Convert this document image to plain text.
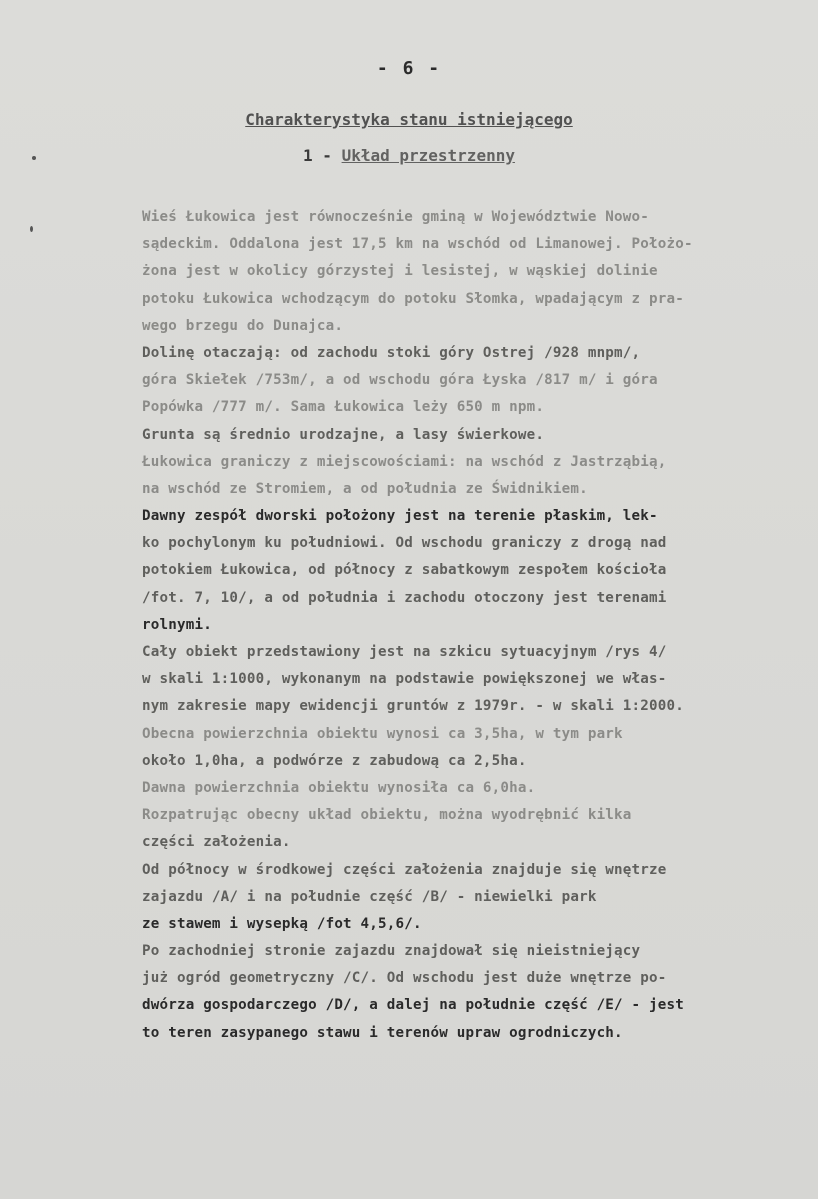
- 6 -
Charakterystyka stanu istniejącego
1 - Układ przestrzenny
Wieś Łukowica jest równocześnie gminą w Województwie Nowo-
sądeckim. Oddalona jest 17,5 km na wschód od Limanowej. Położo-
żona jest w okolicy górzystej i lesistej, w wąskiej dolinie
potoku Łukowica wchodzącym do potoku Słomka, wpadającym z pra-
wego brzegu do Dunajca.
Dolinę otaczają: od zachodu stoki góry Ostrej /928 mnpm/,
góra Skiełek /753m/, a od wschodu góra Łyska /817 m/ i góra
Popówka /777 m/. Sama Łukowica leży 650 m npm.
Grunta są średnio urodzajne, a lasy świerkowe.
Łukowica graniczy z miejscowościami: na wschód z Jastrząbią,
na wschód ze Stromiem, a od południa ze Świdnikiem.
Dawny zespół dworski położony jest na terenie płaskim, lek-
ko pochylonym ku południowi. Od wschodu graniczy z drogą nad
potokiem Łukowica, od północy z sabatkowym zespołem kościoła
/fot. 7, 10/, a od południa i zachodu otoczony jest terenami
rolnymi.
Cały obiekt przedstawiony jest na szkicu sytuacyjnym /rys 4/
w skali 1:1000, wykonanym na podstawie powiększonej we włas-
nym zakresie mapy ewidencji gruntów z 1979r. - w skali 1:2000.
Obecna powierzchnia obiektu wynosi ca 3,5ha, w tym park
około 1,0ha, a podwórze z zabudową ca 2,5ha.
Dawna powierzchnia obiektu wynosiła ca 6,0ha.
Rozpatrując obecny układ obiektu, można wyodrębnić kilka
części założenia.
Od północy w środkowej części założenia znajduje się wnętrze
zajazdu /A/ i na południe część /B/ - niewielki park
ze stawem i wysepką /fot 4,5,6/.
Po zachodniej stronie zajazdu znajdował się nieistniejący
już ogród geometryczny /C/. Od wschodu jest duże wnętrze po-
dwórza gospodarczego /D/, a dalej na południe część /E/ - jest
to teren zasypanego stawu i terenów upraw ogrodniczych.
